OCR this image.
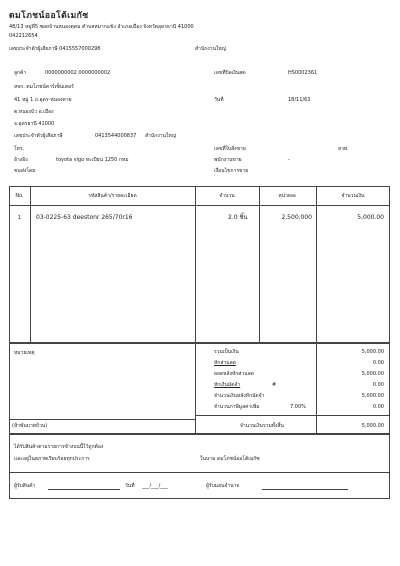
ดมโภชน์ออโต้เมกัซ
48/13 หมู่ที่5 ซอยบ้านหนองตุคม ตำบลหมากแข้ง อำเภอเมือง จังหวัดอุดรธานี 41000
042212654
เลขประจำตัวผู้เสียภาษี 0415557000298	สำนักงานใหญ่
ลูกค้า	0000000002 0000000002
หจก. ดมโภชน์คาร์เซ็นเตอร์
41 หมู่ 1 ถ.อุดร-หนองคาย
ต.หนองบัว อ.เมือง
จ.อุดรธานี 41000
เลขประจำตัวผู้เสียภาษี	0413544000837 สำนักงานใหญ่
โทร.
อ้างอิง	toyota vigo ทะเบียน 1250 กทม
ขนส่งโดย
เลขที่บิลเงินสด	HS0002361
วันที่	18/11/63
เลขที่ใบสั่งขาย	ลวท.
พนักงานขาย	-
เงื่อนไขการขาย
No.	รหัสสินค้า/รายละเอียด	จำนวน	หน่วยละ	จำนวนเงิน
1	03-0225-63 deestonr 265/70r16	2.0 ชิ้น	2,500.000	5,000.00
หมายเหตุ
(ห้าพันบาทถ้วน)
รวมเป็นเงิน	5,000.00
หักส่วนลด	0.00
ยอดหลังหักส่วนลด	5,000.00
หักเงินมัดจำ	#	0.00
จำนวนเงินหลังหักมัดจำ	5,000.00
จำนวนภาษีมูลค่าเพิ่ม	7.00%	0.00
จำนวนเงินรวมทั้งสิ้น	5,000.00
ได้รับสินค้าตามรายการข้างบนนี้ไว้ถูกต้อง
และอยู่ในสภาพเรียบร้อยทุกประการ	ในนาม ดมโภชน์ออโต้เมกัซ
ผู้รับสินค้า	วันที่ ___/___/___	ผู้รับมอบอำนาจ
